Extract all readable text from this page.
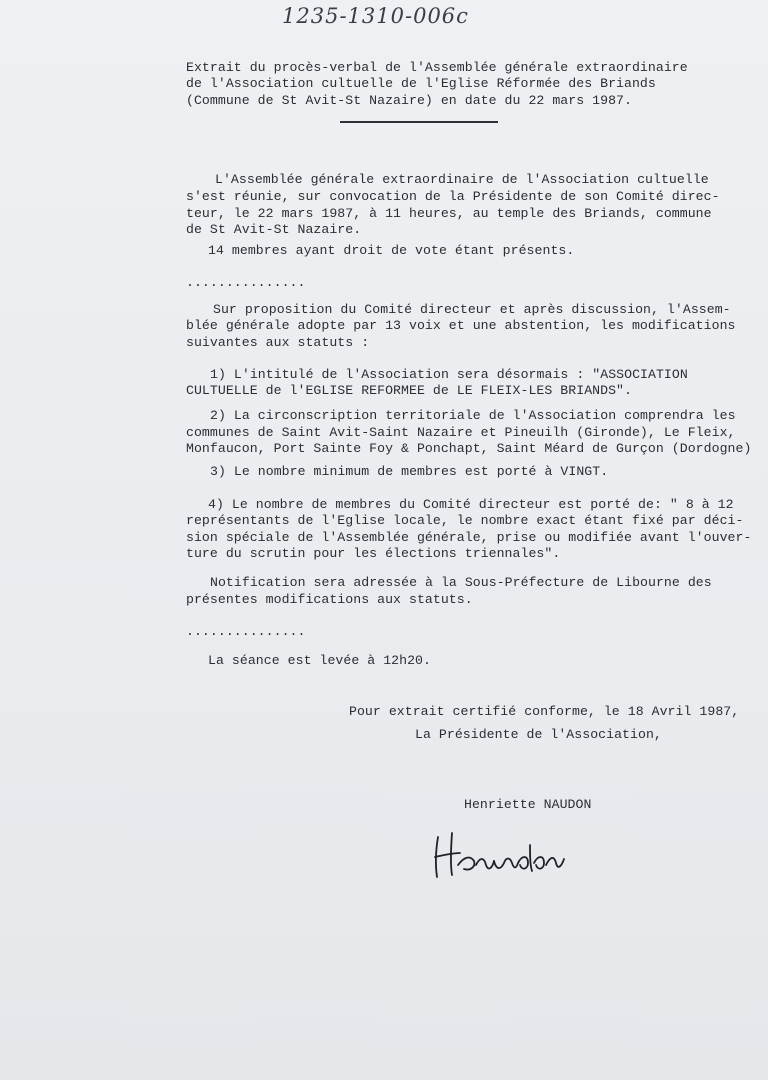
1235-1310-006c
Extrait du procès-verbal de l'Assemblée générale extraordinaire
de l'Association cultuelle de l'Eglise Réformée des Briands
(Commune de St Avit-St Nazaire) en date du 22 mars 1987.
L'Assemblée générale extraordinaire de l'Association cultuelle
s'est réunie, sur convocation de la Présidente de son Comité direc-
teur, le 22 mars 1987, à 11 heures, au temple des Briands, commune
de St Avit-St Nazaire.
14 membres ayant droit de vote étant présents.
...............
Sur proposition du Comité directeur et après discussion, l'Assem-
blée générale adopte par 13 voix et une abstention, les modifications
suivantes aux statuts :
1) L'intitulé de l'Association sera désormais : "ASSOCIATION
CULTUELLE de l'EGLISE REFORMEE de LE FLEIX-LES BRIANDS".
2) La circonscription territoriale de l'Association comprendra les
communes de Saint Avit-Saint Nazaire et Pineuilh (Gironde), Le Fleix,
Monfaucon, Port Sainte Foy & Ponchapt, Saint Méard de Gurçon (Dordogne)
3) Le nombre minimum de membres est porté à VINGT.
4) Le nombre de membres du Comité directeur est porté de: " 8 à 12
représentants de l'Eglise locale, le nombre exact étant fixé par déci-
sion spéciale de l'Assemblée générale, prise ou modifiée avant l'ouver-
ture du scrutin pour les élections triennales".
Notification sera adressée à la Sous-Préfecture de Libourne des
présentes modifications aux statuts.
...............
La séance est levée à 12h20.
Pour extrait certifié conforme, le 18 Avril 1987,
La Présidente de l'Association,
Henriette NAUDON
